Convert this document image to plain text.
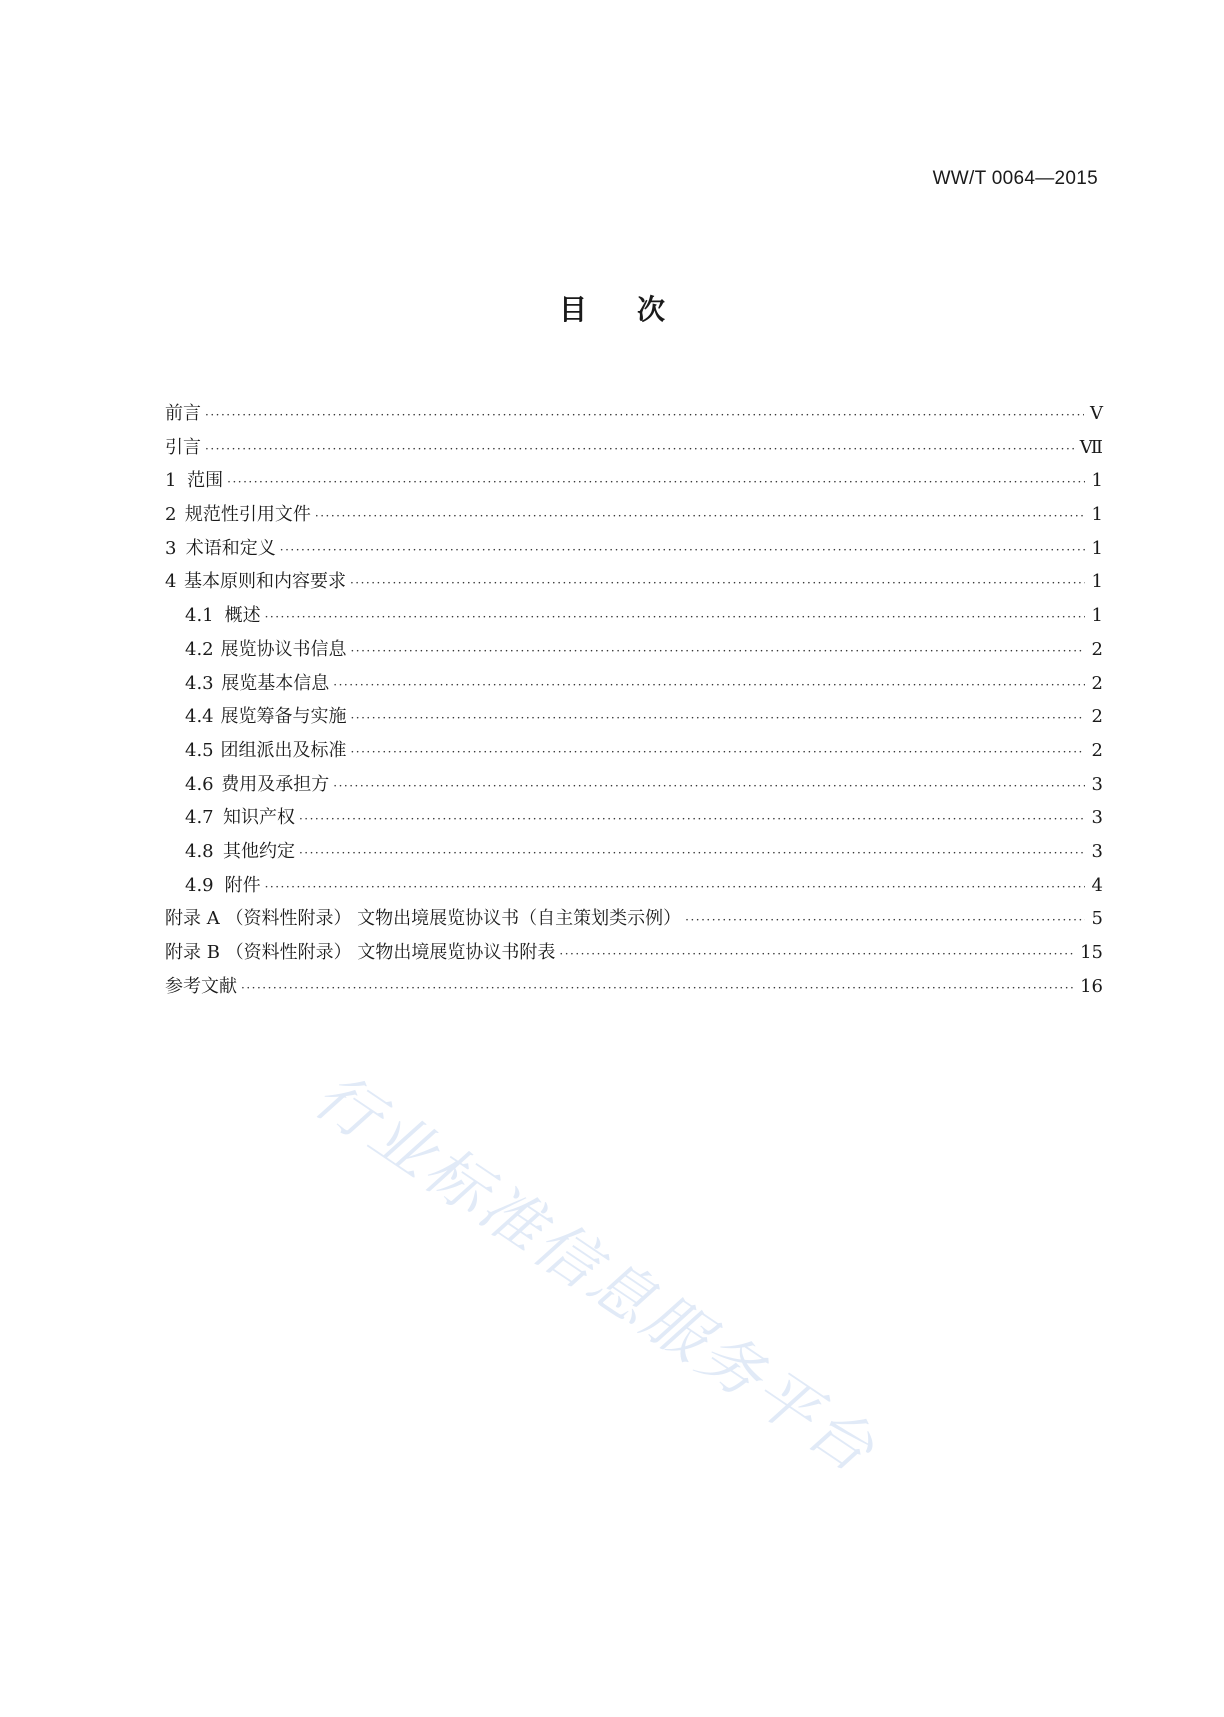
WW/T 0064—2015
目次
前言 ·····	Ⅴ
引言 ·····	Ⅶ
1 范围 ·····	1
2 规范性引用文件 ·····	1
3 术语和定义 ·····	1
4 基本原则和内容要求 ·····	1
4.1 概述 ·····	1
4.2 展览协议书信息 ·····	2
4.3 展览基本信息 ·····	2
4.4 展览筹备与实施 ·····	2
4.5 团组派出及标准 ·····	2
4.6 费用及承担方 ·····	3
4.7 知识产权 ·····	3
4.8 其他约定 ·····	3
4.9 附件 ·····	4
附录 A （资料性附录） 文物出境展览协议书（自主策划类示例） ·····	5
附录 B （资料性附录） 文物出境展览协议书附表 ·····	15
参考文献 ·····	16
行业标准信息服务平台
